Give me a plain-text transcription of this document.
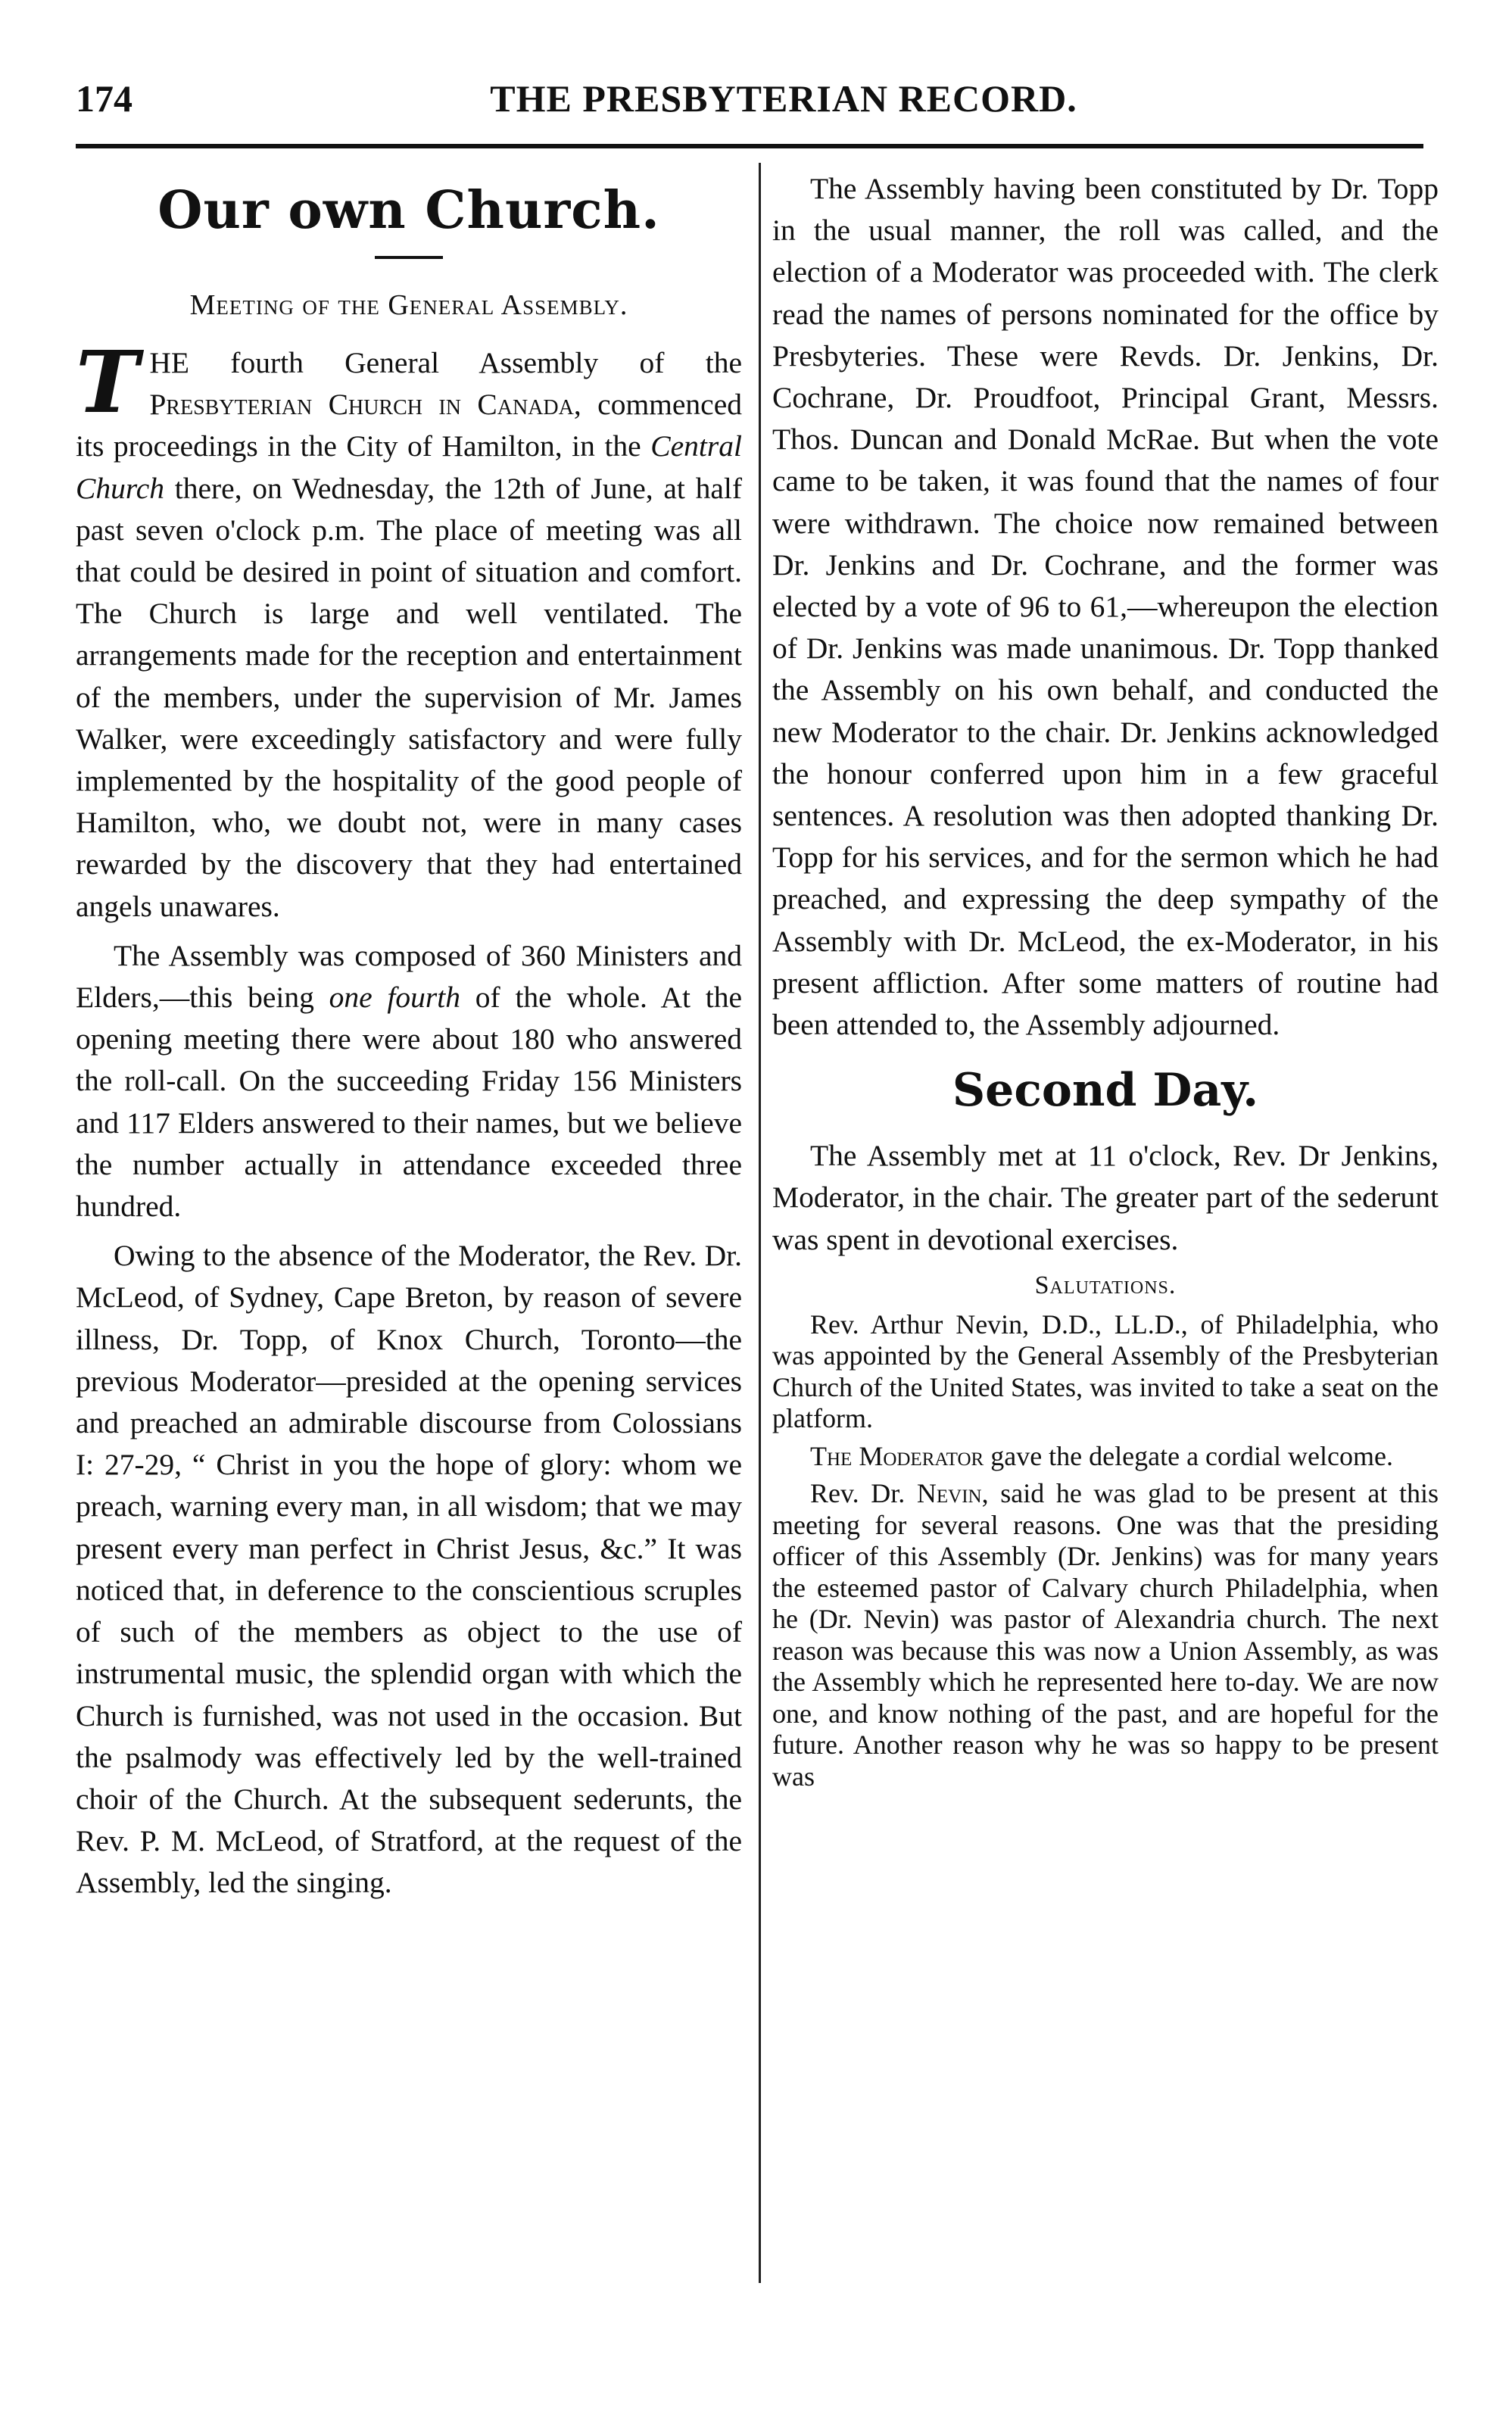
174	THE PRESBYTERIAN RECORD.
Our own Church.
Meeting of the General Assembly.

THE fourth General Assembly of the Presbyterian Church in Canada, commenced its proceedings in the City of Hamilton, in the Central Church there, on Wednesday, the 12th of June, at half past seven o'clock p.m. The place of meeting was all that could be desired in point of situation and comfort. The Church is large and well ventilated. The arrangements made for the reception and entertainment of the members, under the supervision of Mr. James Walker, were exceedingly satisfactory and were fully implemented by the hospitality of the good people of Hamilton, who, we doubt not, were in many cases rewarded by the discovery that they had entertained angels unawares.

The Assembly was composed of 360 Ministers and Elders,—this being one fourth of the whole. At the opening meeting there were about 180 who answered the roll-call. On the succeeding Friday 156 Ministers and 117 Elders answered to their names, but we believe the number actually in attendance exceeded three hundred.

Owing to the absence of the Moderator, the Rev. Dr. McLeod, of Sydney, Cape Breton, by reason of severe illness, Dr. Topp, of Knox Church, Toronto—the previous Moderator—presided at the opening services and preached an admirable discourse from Colossians I: 27-29, “ Christ in you the hope of glory: whom we preach, warning every man, in all wisdom; that we may present every man perfect in Christ Jesus, &c.” It was noticed that, in deference to the conscientious scruples of such of the members as object to the use of instrumental music, the splendid organ with which the Church is furnished, was not used in the occasion. But the psalmody was effectively led by the well-trained choir of the Church. At the subsequent sederunts, the Rev. P. M. McLeod, of Stratford, at the request of the Assembly, led the singing.

The Assembly having been constituted by Dr. Topp in the usual manner, the roll was called, and the election of a Moderator was proceeded with. The clerk read the names of persons nominated for the office by Presbyteries. These were Revds. Dr. Jenkins, Dr. Cochrane, Dr. Proudfoot, Principal Grant, Messrs. Thos. Duncan and Donald McRae. But when the vote came to be taken, it was found that the names of four were withdrawn. The choice now remained between Dr. Jenkins and Dr. Cochrane, and the former was elected by a vote of 96 to 61,—whereupon the election of Dr. Jenkins was made unanimous. Dr. Topp thanked the Assembly on his own behalf, and conducted the new Moderator to the chair. Dr. Jenkins acknowledged the honour conferred upon him in a few graceful sentences. A resolution was then adopted thanking Dr. Topp for his services, and for the sermon which he had preached, and expressing the deep sympathy of the Assembly with Dr. McLeod, the ex-Moderator, in his present affliction. After some matters of routine had been attended to, the Assembly adjourned.

Second Day.

The Assembly met at 11 o'clock, Rev. Dr Jenkins, Moderator, in the chair. The greater part of the sederunt was spent in devotional exercises.

Salutations.

Rev. Arthur Nevin, D.D., LL.D., of Philadelphia, who was appointed by the General Assembly of the Presbyterian Church of the United States, was invited to take a seat on the platform.

The Moderator gave the delegate a cordial welcome.

Rev. Dr. Nevin, said he was glad to be present at this meeting for several reasons. One was that the presiding officer of this Assembly (Dr. Jenkins) was for many years the esteemed pastor of Calvary church Philadelphia, when he (Dr. Nevin) was pastor of Alexandria church. The next reason was because this was now a Union Assembly, as was the Assembly which he represented here to-day. We are now one, and know nothing of the past, and are hopeful for the future. Another reason why he was so happy to be present was
